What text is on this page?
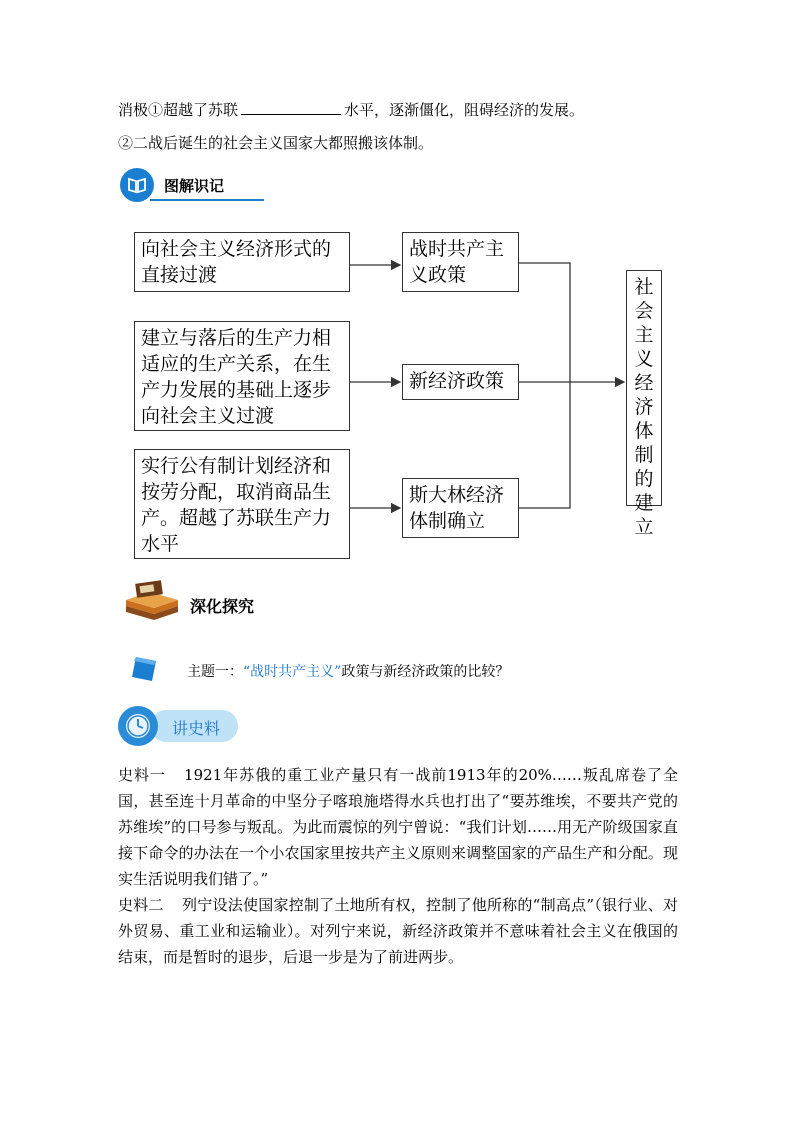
消极①超越了苏联	水平，逐渐僵化，阻碍经济的发展。
②二战后诞生的社会主义国家大都照搬该体制。
图解识记
向社会主义经济形式的直接过渡
建立与落后的生产力相适应的生产关系，在生产力发展的基础上逐步向社会主义过渡
实行公有制计划经济和按劳分配，取消商品生产。超越了苏联生产力水平
战时共产主义政策
新经济政策
斯大林经济体制确立
社
会
主
义
经
济
体
制
的
建
立
深化探究
主题一：“战时共产主义”政策与新经济政策的比较？
讲史料
史料一 1921年苏俄的重工业产量只有一战前1913年的20%……叛乱席卷了全国，甚至连十月革命的中坚分子喀琅施塔得水兵也打出了“要苏维埃，不要共产党的苏维埃”的口号参与叛乱。为此而震惊的列宁曾说：“我们计划……用无产阶级国家直接下命令的办法在一个小农国家里按共产主义原则来调整国家的产品生产和分配。现实生活说明我们错了。”
史料二 列宁设法使国家控制了土地所有权，控制了他所称的“制高点”（银行业、对外贸易、重工业和运输业）。对列宁来说，新经济政策并不意味着社会主义在俄国的结束，而是暂时的退步，后退一步是为了前进两步。
